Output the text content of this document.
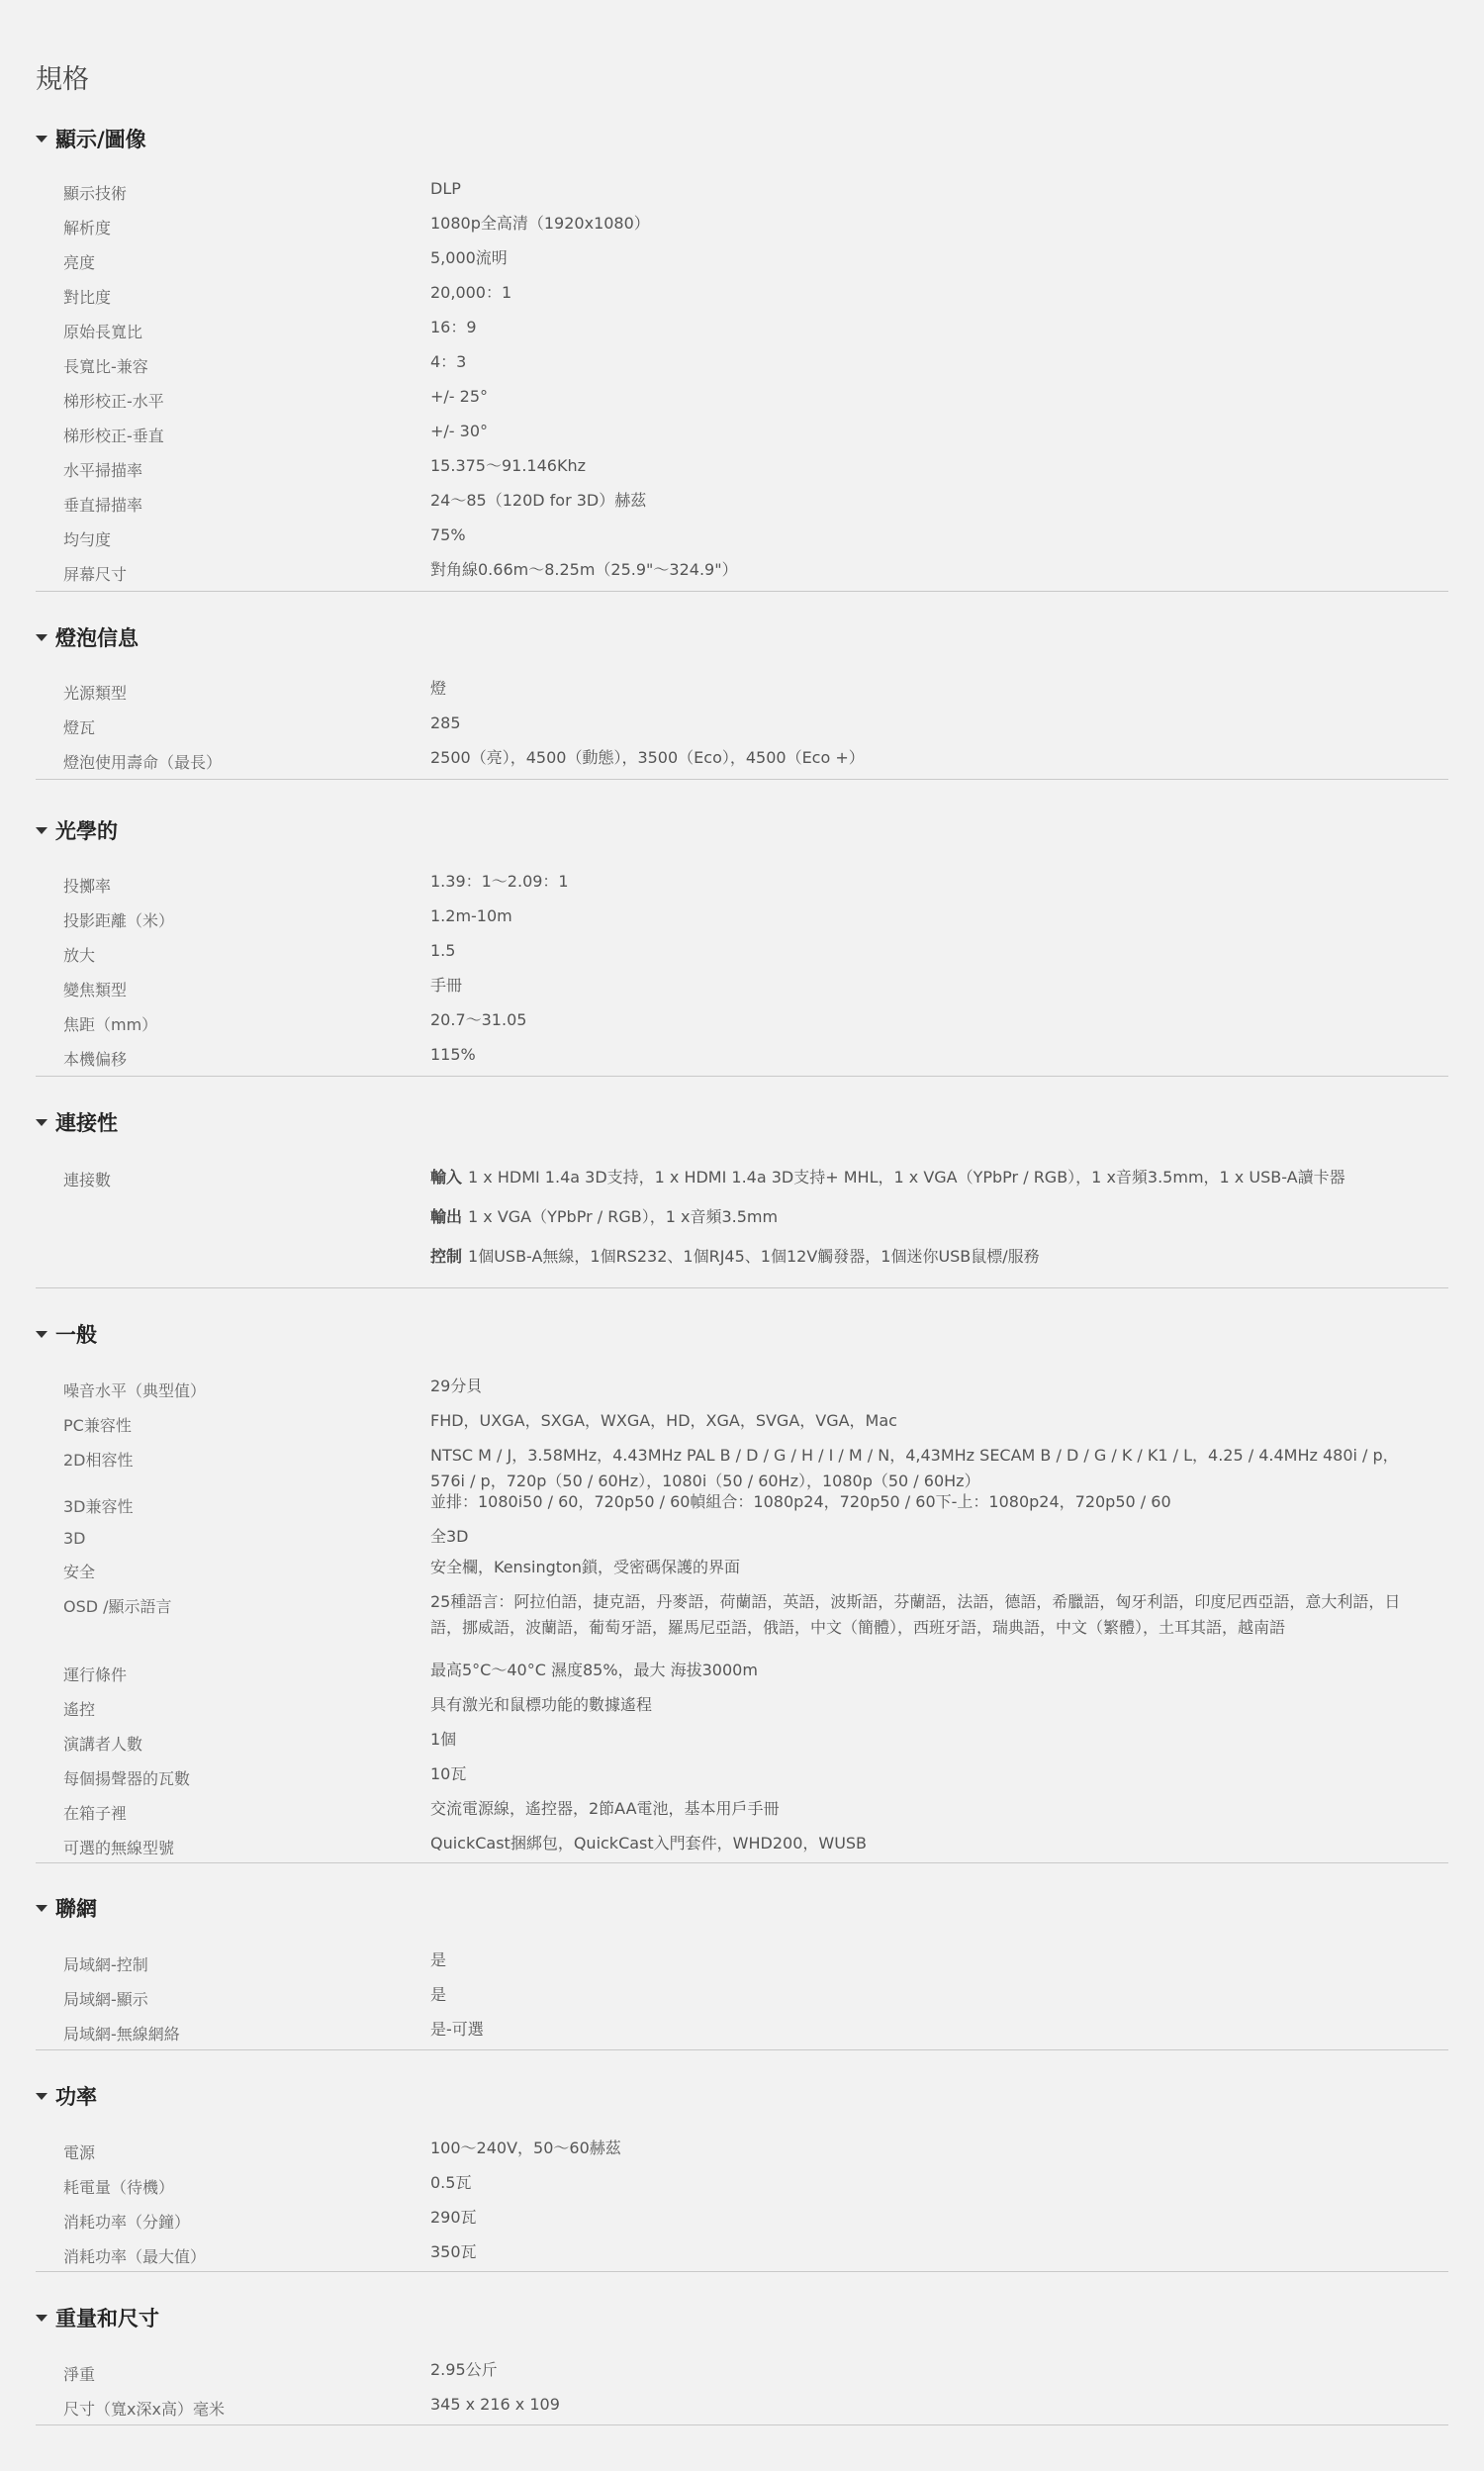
規格
顯示/圖像
顯示技術	DLP
解析度	1080p全高清（1920x1080）
亮度	5,000流明
對比度	20,000：1
原始長寬比	16：9
長寬比-兼容	4：3
梯形校正-水平	+/- 25°
梯形校正-垂直	+/- 30°
水平掃描率	15.375～91.146Khz
垂直掃描率	24～85（120D for 3D）赫茲
均勻度	75%
屏幕尺寸	對角線0.66m～8.25m（25.9"～324.9"）
燈泡信息
光源類型	燈
燈瓦	285
燈泡使用壽命（最長）	2500（亮），4500（動態），3500（Eco），4500（Eco +）
光學的
投擲率	1.39：1～2.09：1
投影距離（米）	1.2m-10m
放大	1.5
變焦類型	手冊
焦距（mm）	20.7～31.05
本機偏移	115%
連接性
連接數	輸入 1 x HDMI 1.4a 3D支持，1 x HDMI 1.4a 3D支持+ MHL，1 x VGA（YPbPr / RGB），1 x音頻3.5mm，1 x USB-A讀卡器
輸出 1 x VGA（YPbPr / RGB），1 x音頻3.5mm
控制 1個USB-A無線，1個RS232、1個RJ45、1個12V觸發器，1個迷你USB鼠標/服務
一般
噪音水平（典型值）	29分貝
PC兼容性	FHD，UXGA，SXGA，WXGA，HD，XGA，SVGA，VGA，Mac
2D相容性	NTSC M / J，3.58MHz，4.43MHz PAL B / D / G / H / I / M / N，4,43MHz SECAM B / D / G / K / K1 / L，4.25 / 4.4MHz 480i / p，576i / p，720p（50 / 60Hz），1080i（50 / 60Hz），1080p（50 / 60Hz）
3D兼容性	並排：1080i50 / 60，720p50 / 60幀組合：1080p24，720p50 / 60下-上：1080p24，720p50 / 60
3D	全3D
安全	安全欄，Kensington鎖，受密碼保護的界面
OSD /顯示語言	25種語言：阿拉伯語，捷克語，丹麥語，荷蘭語，英語，波斯語，芬蘭語，法語，德語，希臘語，匈牙利語，印度尼西亞語，意大利語，日語，挪威語，波蘭語，葡萄牙語，羅馬尼亞語，俄語，中文（簡體），西班牙語，瑞典語，中文（繁體），土耳其語，越南語
運行條件	最高5°C～40°C 濕度85%，最大 海拔3000m
遙控	具有激光和鼠標功能的數據遙程
演講者人數	1個
每個揚聲器的瓦數	10瓦
在箱子裡	交流電源線，遙控器，2節AA電池，基本用戶手冊
可選的無線型號	QuickCast捆綁包，QuickCast入門套件，WHD200，WUSB
聯網
局域網-控制	是
局域網-顯示	是
局域網-無線網絡	是-可選
功率
電源	100～240V，50～60赫茲
耗電量（待機）	0.5瓦
消耗功率（分鐘）	290瓦
消耗功率（最大值）	350瓦
重量和尺寸
淨重	2.95公斤
尺寸（寬x深x高）毫米	345 x 216 x 109
